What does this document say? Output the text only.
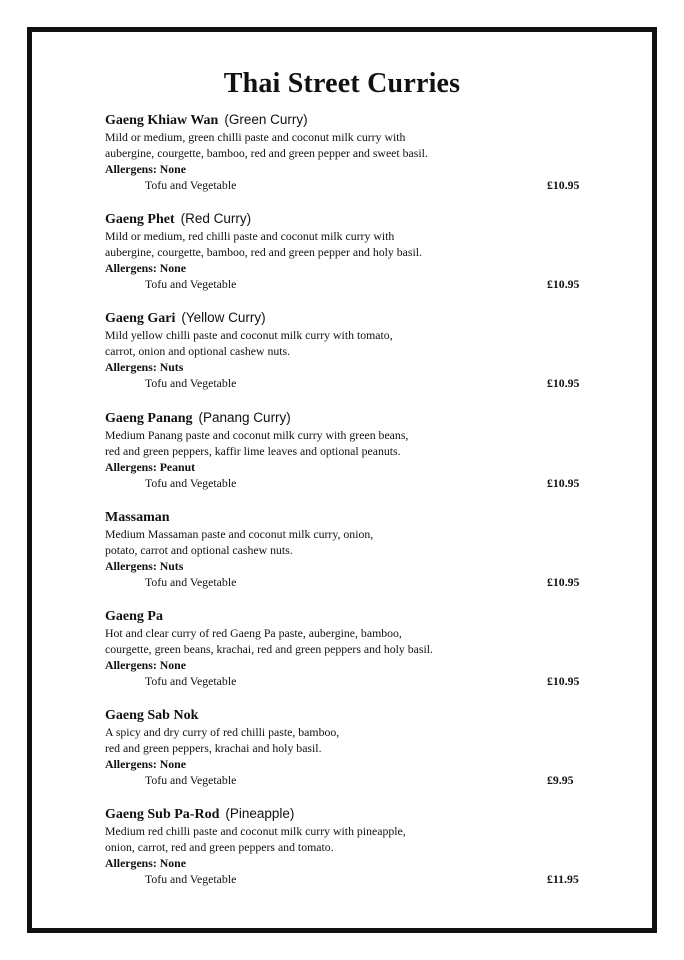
Thai Street Curries
Gaeng Khiaw Wan (Green Curry)
Mild or medium, green chilli paste and coconut milk curry with
aubergine, courgette, bamboo, red and green pepper and sweet basil.
Allergens: None
Tofu and Vegetable	£10.95
Gaeng Phet (Red Curry)
Mild or medium, red chilli paste and coconut milk curry with
aubergine, courgette, bamboo, red and green pepper and holy basil.
Allergens: None
Tofu and Vegetable	£10.95
Gaeng Gari (Yellow Curry)
Mild yellow chilli paste and coconut milk curry with tomato,
carrot, onion and optional cashew nuts.
Allergens: Nuts
Tofu and Vegetable	£10.95
Gaeng Panang (Panang Curry)
Medium Panang paste and coconut milk curry with green beans,
red and green peppers, kaffir lime leaves and optional peanuts.
Allergens: Peanut
Tofu and Vegetable	£10.95
Massaman
Medium Massaman paste and coconut milk curry, onion,
potato, carrot and optional cashew nuts.
Allergens: Nuts
Tofu and Vegetable	£10.95
Gaeng Pa
Hot and clear curry of red Gaeng Pa paste, aubergine, bamboo,
courgette, green beans, krachai, red and green peppers and holy basil.
Allergens: None
Tofu and Vegetable	£10.95
Gaeng Sab Nok
A spicy and dry curry of red chilli paste, bamboo,
red and green peppers, krachai and holy basil.
Allergens: None
Tofu and Vegetable	£9.95
Gaeng Sub Pa-Rod (Pineapple)
Medium red chilli paste and coconut milk curry with pineapple,
onion, carrot, red and green peppers and tomato.
Allergens: None
Tofu and Vegetable	£11.95
